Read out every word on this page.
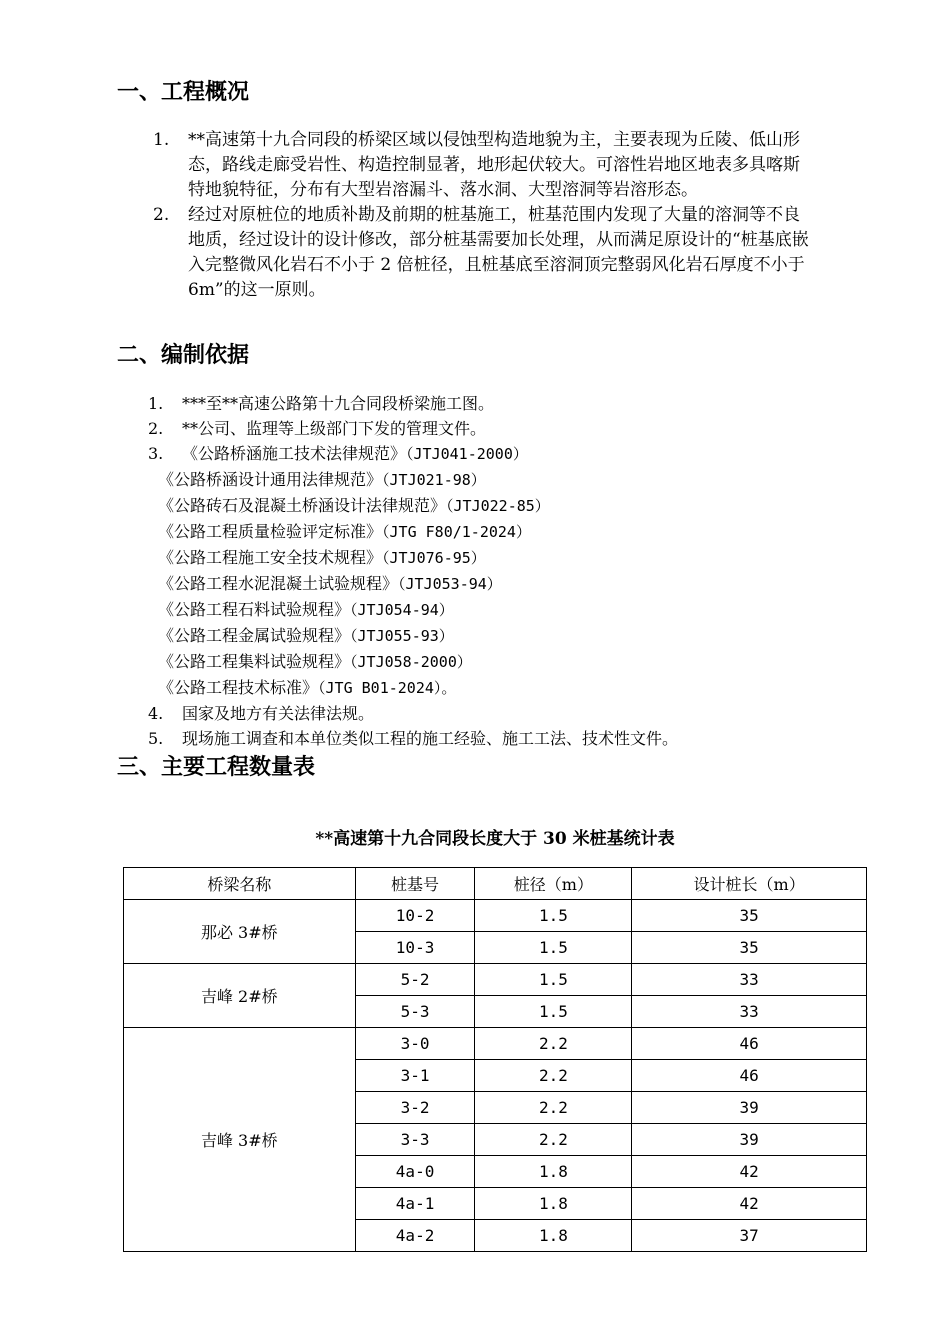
一、工程概况
1. **高速第十九合同段的桥梁区域以侵蚀型构造地貌为主，主要表现为丘陵、低山形态，路线走廊受岩性、构造控制显著，地形起伏较大。可溶性岩地区地表多具喀斯特地貌特征，分布有大型岩溶漏斗、落水洞、大型溶洞等岩溶形态。
2. 经过对原桩位的地质补勘及前期的桩基施工，桩基范围内发现了大量的溶洞等不良地质，经过设计的设计修改，部分桩基需要加长处理，从而满足原设计的“桩基底嵌入完整微风化岩石不小于 2 倍桩径，且桩基底至溶洞顶完整弱风化岩石厚度不小于 6m”的这一原则。
二、编制依据
1. ***至**高速公路第十九合同段桥梁施工图。
2. **公司、监理等上级部门下发的管理文件。
3. 《公路桥涵施工技术法律规范》（JTJ041-2000）
《公路桥涵设计通用法律规范》（JTJ021-98）
《公路砖石及混凝土桥涵设计法律规范》（JTJ022-85）
《公路工程质量检验评定标准》（JTG F80/1-2024）
《公路工程施工安全技术规程》（JTJ076-95）
《公路工程水泥混凝土试验规程》（JTJ053-94）
《公路工程石料试验规程》（JTJ054-94）
《公路工程金属试验规程》（JTJ055-93）
《公路工程集料试验规程》（JTJ058-2000）
《公路工程技术标准》（JTG B01-2024）。
4. 国家及地方有关法律法规。
5. 现场施工调查和本单位类似工程的施工经验、施工工法、技术性文件。
三、主要工程数量表
**高速第十九合同段长度大于 30 米桩基统计表
桥梁名称	桩基号	桩径（m）	设计桩长（m）
那必 3#桥	10-2	1.5	35
	10-3	1.5	35
吉峰 2#桥	5-2	1.5	33
	5-3	1.5	33
吉峰 3#桥	3-0	2.2	46
	3-1	2.2	46
	3-2	2.2	39
	3-3	2.2	39
	4a-0	1.8	42
	4a-1	1.8	42
	4a-2	1.8	37
